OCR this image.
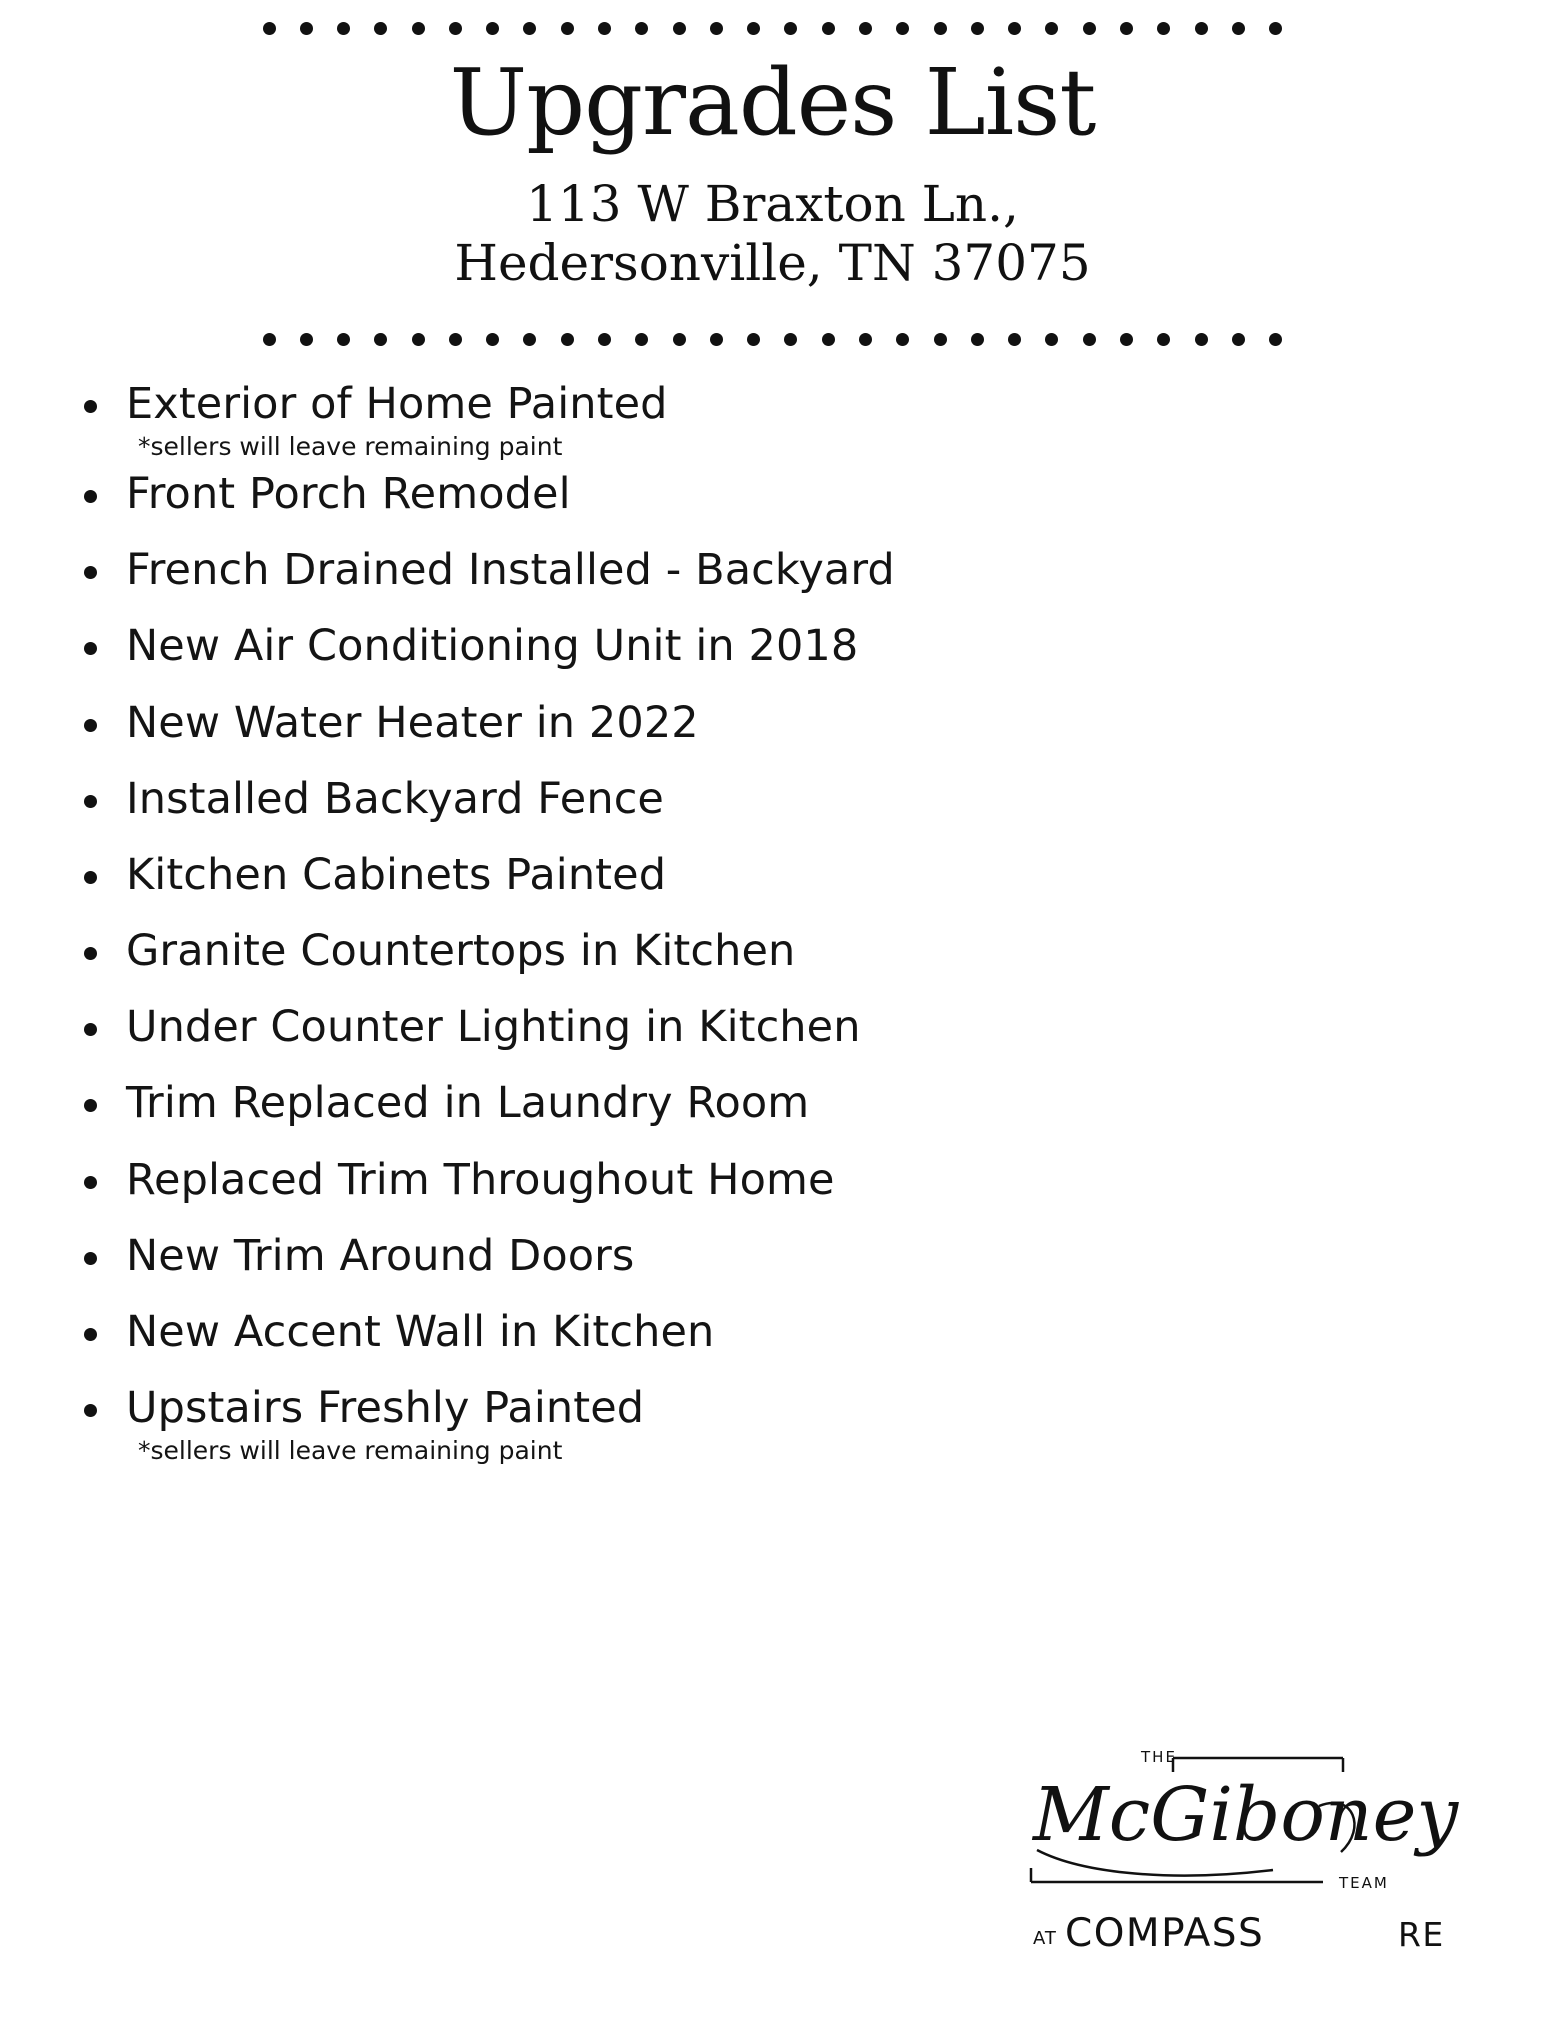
Upgrades List
113 W Braxton Ln.,
Hedersonville, TN 37075
Exterior of Home Painted
*sellers will leave remaining paint
Front Porch Remodel
French Drained Installed - Backyard
New Air Conditioning Unit in 2018
New Water Heater in 2022
Installed Backyard Fence
Kitchen Cabinets Painted
Granite Countertops in Kitchen
Under Counter Lighting in Kitchen
Trim Replaced in Laundry Room
Replaced Trim Throughout Home
New Trim Around Doors
New Accent Wall in Kitchen
Upstairs Freshly Painted
*sellers will leave remaining paint
THE
McGiboney
TEAM
AT COMPASS	RE
